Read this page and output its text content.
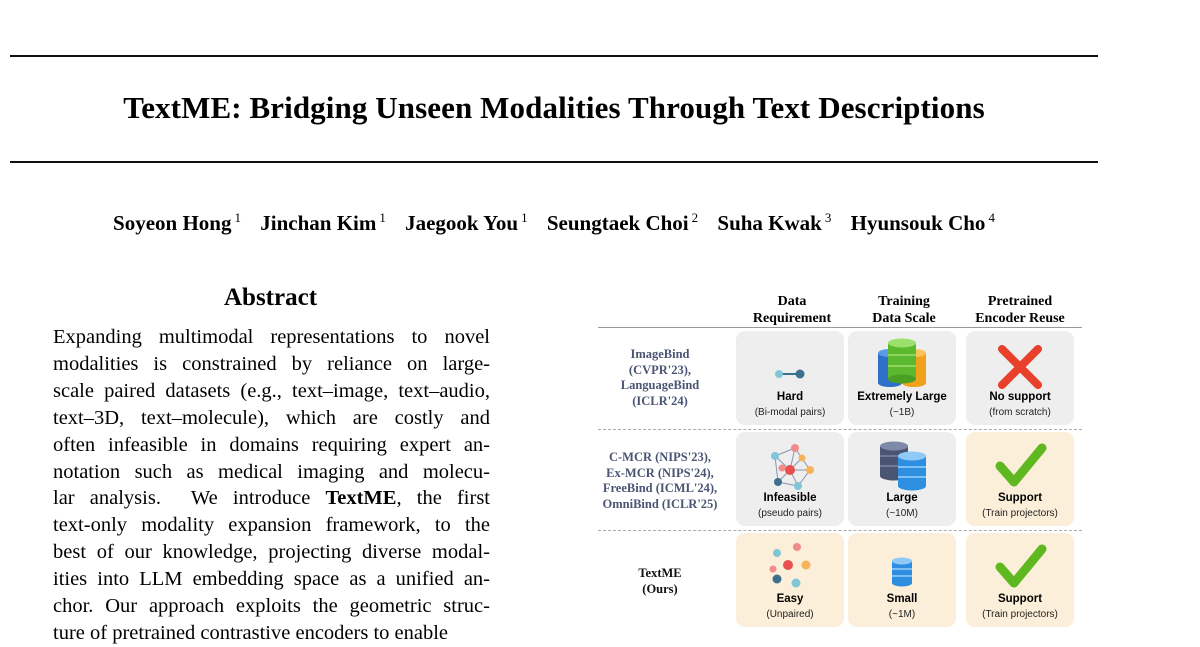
TextME: Bridging Unseen Modalities Through Text Descriptions
Soyeon Hong $^1$ Jinchan Kim $^1$ Jaegook You $^1$ Seungtaek Choi $^2$ Suha Kwak $^3$ Hyunsouk Cho $^4$
Abstract
Expanding multimodal representations to novel
modalities is constrained by reliance on large-
scale paired datasets (e.g., text–image, text–audio,
text–3D, text–molecule), which are costly and
often infeasible in domains requiring expert an-
notation such as medical imaging and molecu-
lar analysis.  We introduce TextME, the first
text-only modality expansion framework, to the
best of our knowledge, projecting diverse modal-
ities into LLM embedding space as a unified an-
chor. Our approach exploits the geometric struc-
ture of pretrained contrastive encoders to enable
Data
Requirement
Training
Data Scale
Pretrained
Encoder Reuse
ImageBind
(CVPR'23),
LanguageBind
(ICLR'24)	Hard
(Bi-modal pairs)
Extremely Large
(~1B)
No support
(from scratch)
C-MCR (NIPS'23),
Ex-MCR (NIPS'24),
FreeBind (ICML'24),
OmniBind (ICLR'25)	Infeasible
(pseudo pairs)
Large
(~10M)
Support
(Train projectors)
TextME
(Ours)
Easy
(Unpaired)
Small
(~1M)
Support
(Train projectors)
